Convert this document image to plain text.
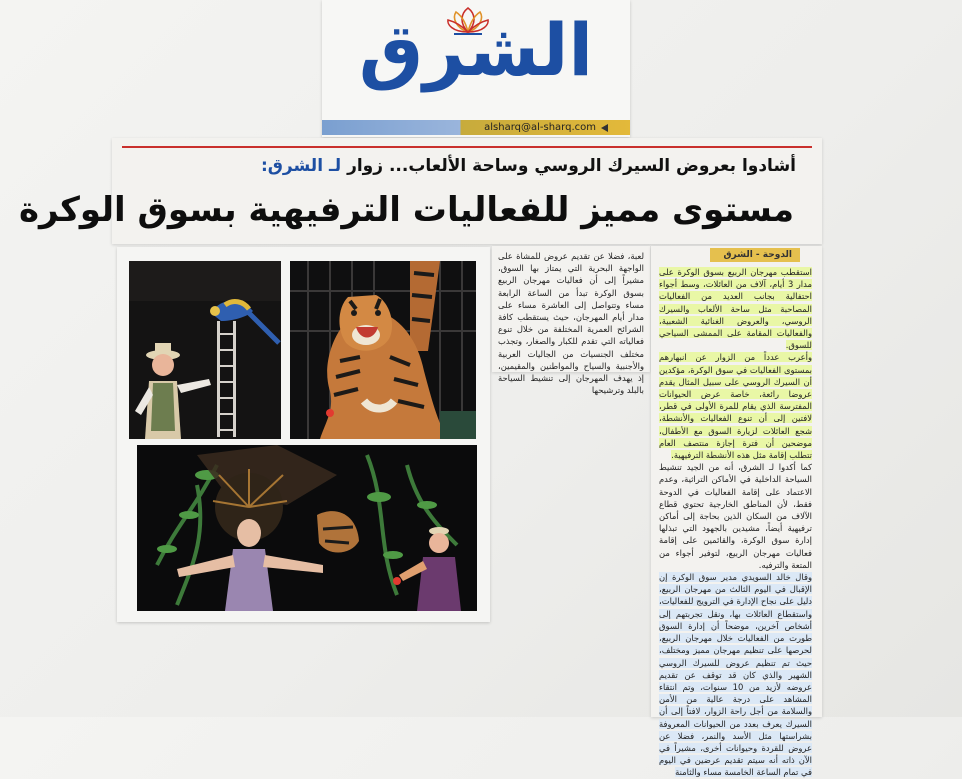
الشرق
alsharq@al-sharq.com
أشادوا بعروض السيرك الروسي وساحة الألعاب... زوار لـ الشرق:
مستوى مميز للفعاليات الترفيهية بسوق الوكرة
لعبة، فضلا عن تقديم عروض للمشاة على الواجهة البحرية التي يمتاز بها السوق، مشيراً إلى أن فعاليات مهرجان الربيع بسوق الوكرة تبدأ من الساعة الرابعة مساء وتتواصل إلى العاشرة مساء على مدار أيام المهرجان، حيث يستقطب كافة الشرائح العمرية المختلفة من خلال تنوع فعالياته التي تقدم للكبار والصغار، وتجذب مختلف الجنسيات من الجاليات العربية والأجنبية والسياح والمواطنين والمقيمين، إذ يهدف المهرجان إلى تنشيط السياحة بالبلد وترشيحها
الدوحة - الشرق
استقطب مهرجان الربيع بسوق الوكرة على مدار 3 أيام، آلاف من العائلات، وسط أجواء احتفالية بجانب العديد من الفعاليات المصاحبة مثل ساحة الألعاب والسيرك الروسي، والعروض الغنائية الشعبية، والفعاليات المقامة على الممشى السياحي للسوق.
وأعرب عدداً من الزوار عن انبهارهم بمستوى الفعاليات في سوق الوكرة، مؤكدين أن السيرك الروسي على سبيل المثال يقدم عروضا رائعة، خاصة عرض الحيوانات المفترسة الذي يقام للمرة الأولى في قطر، لافتين إلى أن تنوع الفعاليات والأنشطة، شجع العائلات لزيارة السوق مع الأطفال، موضحين أن فترة إجازة منتصف العام تتطلب إقامة مثل هذه الأنشطة الترفيهية.
كما أكدوا لـ الشرق، أنه من الجيد تنشيط السياحة الداخلية في الأماكن التراثية، وعدم الاعتماد على إقامة الفعاليات في الدوحة فقط، لأن المناطق الخارجية تحتوي قطاع الآلاف من السكان الذين بحاجة إلى أماكن ترفيهية أيضاً، مشيدين بالجهود التي تبذلها إدارة سوق الوكرة، والقائمين على إقامة فعاليات مهرجان الربيع، لتوفير أجواء من المتعة والترفيه.
وقال خالد السويدي مدير سوق الوكرة إن الإقبال في اليوم الثالث من مهرجان الربيع، دليل على نجاح الإدارة في الترويج للفعاليات، واستقطاع العائلات بها، ونقل تجربتهم إلى أشخاص آخرين، موضحاً أن إدارة السوق طورت من الفعاليات خلال مهرجان الربيع، لحرصها على تنظيم مهرجان مميز ومختلف، حيث تم تنظيم عروض للسيرك الروسي الشهير والذي كان قد توقف عن تقديم عروضه لأزيد من 10 سنوات، وتم انتقاء المشاهد على درجة عالية من الأمن والسلامة من أجل راحة الزوار، لافتاً إلى أن السيرك يعرف بعدد من الحيوانات المعروفة بشراستها مثل الأسد والنمر، فضلا عن عروض للقردة وحيوانات أخرى، مشيراً في الآن ذاته أنه سيتم تقديم عرضين في اليوم في تمام الساعة الخامسة مساء والثامنة
